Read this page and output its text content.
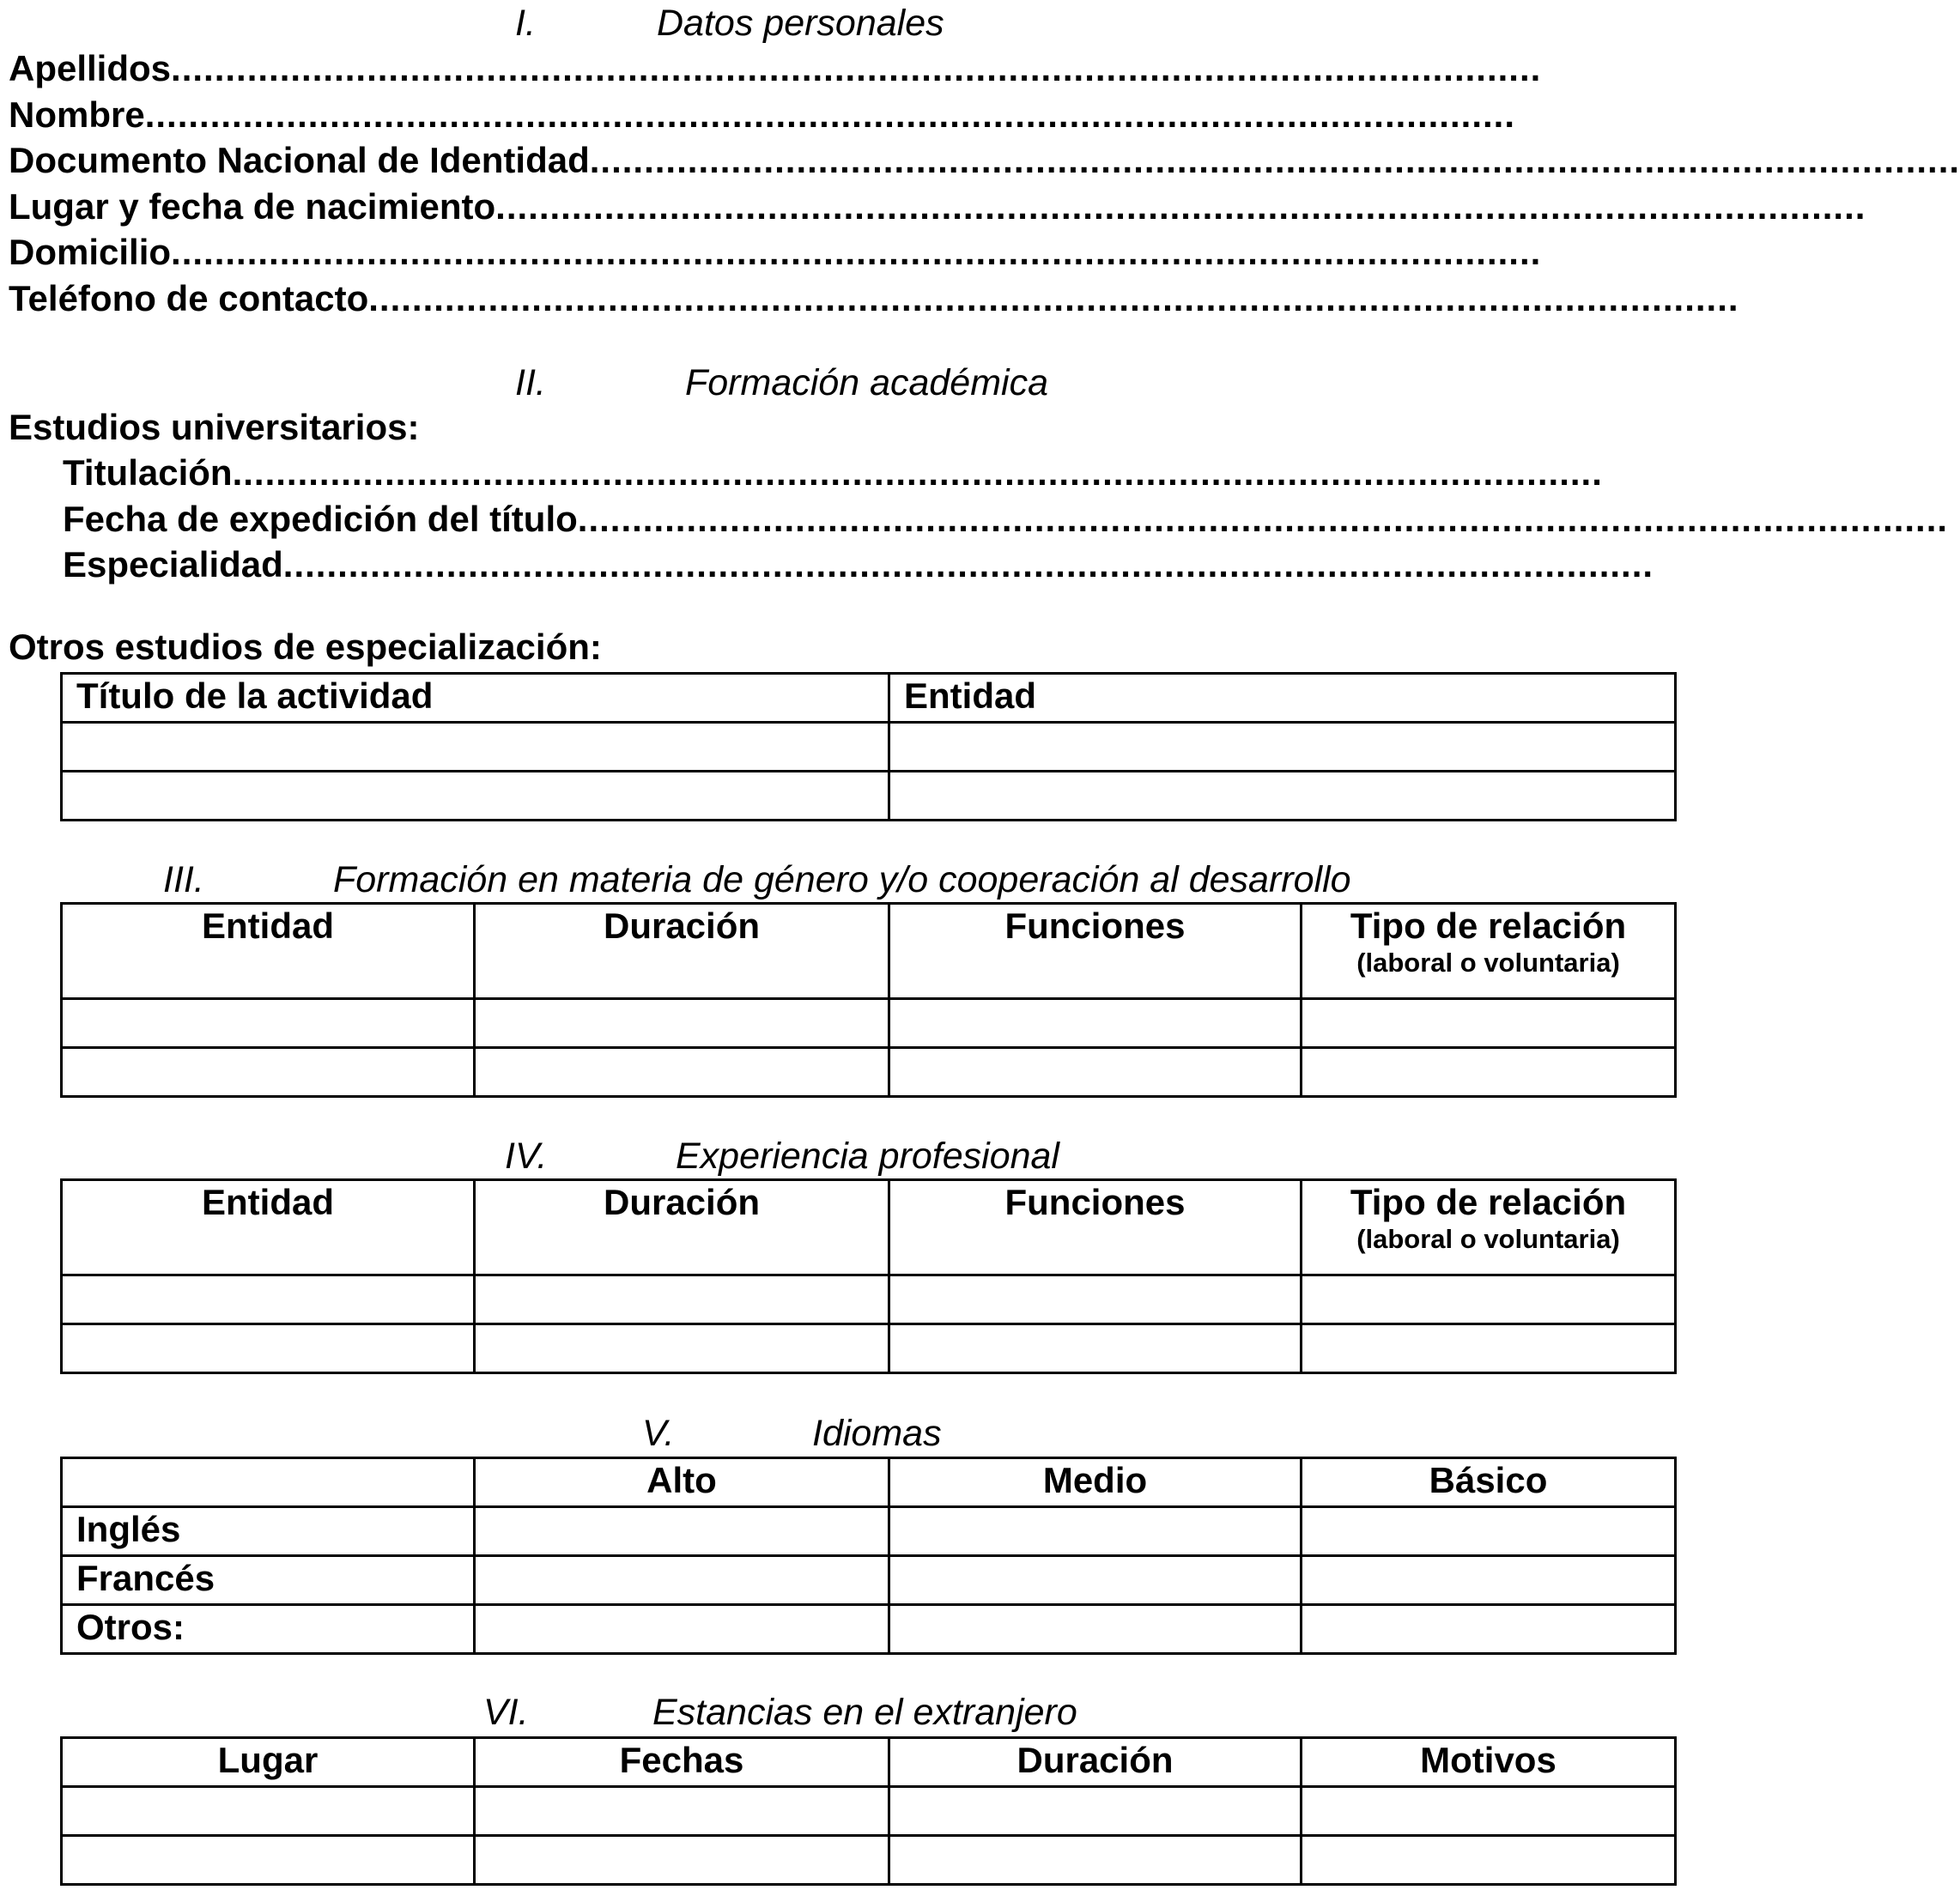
I.	Datos personales
Apellidos..............................................................................................................................
Nombre..............................................................................................................................
Documento Nacional de Identidad..............................................................................................................................
Lugar y fecha de nacimiento..............................................................................................................................
Domicilio..............................................................................................................................
Teléfono de contacto..............................................................................................................................
II.	Formación académica
Estudios universitarios:
Titulación..............................................................................................................................
Fecha de expedición del título..............................................................................................................................
Especialidad..............................................................................................................................
Otros estudios de especialización:
Título de la actividad	Entidad

III.	Formación en materia de género y/o cooperación al desarrollo
Entidad	Duración	Funciones	Tipo de relación
(laboral o voluntaria)

IV.	Experiencia profesional
Entidad	Duración	Funciones	Tipo de relación
(laboral o voluntaria)

V.	Idiomas
	Alto	Medio	Básico
Inglés			
Francés			
Otros:			
VI.	Estancias en el extranjero
Lugar	Fechas	Duración	Motivos
